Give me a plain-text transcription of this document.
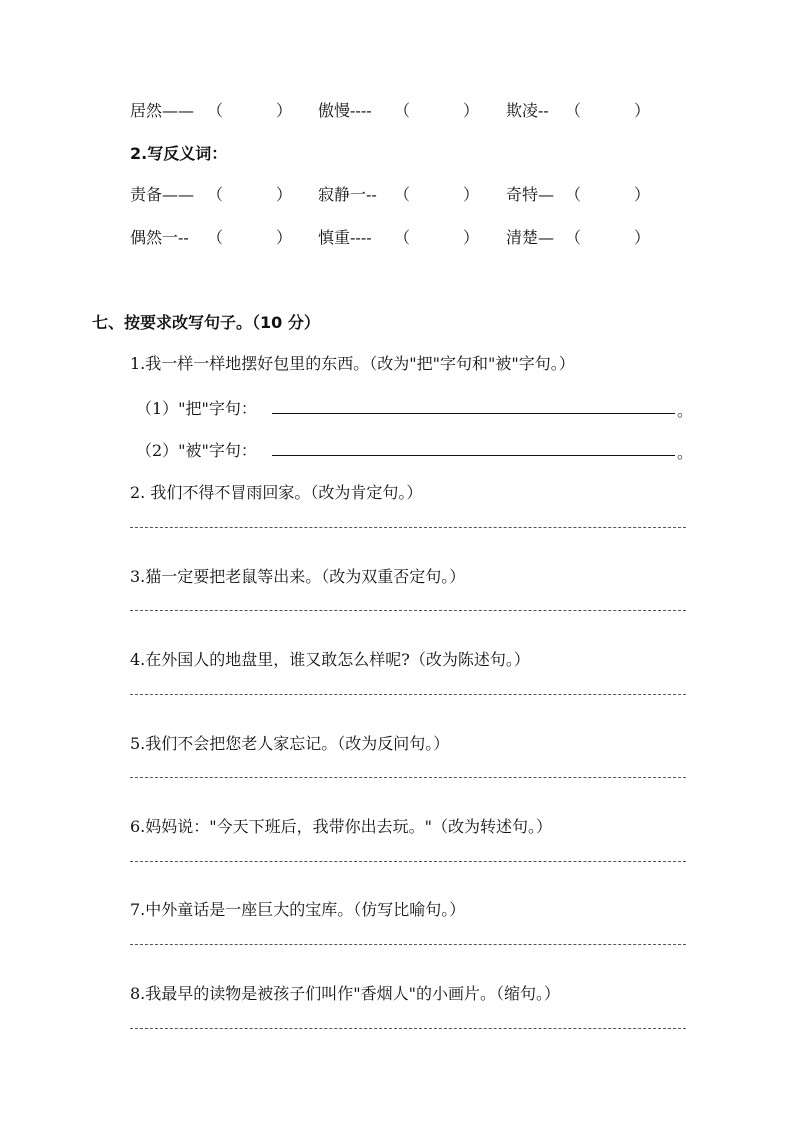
居然—— （	） 傲慢---- （	） 欺凌-- （	）
2.写反义词：
责备—— （	） 寂静一-- （	） 奇特— （	）
偶然一-- （	） 慎重---- （	） 清楚— （	）
七、按要求改写句子。（10 分）
1.我一样一样地摆好包里的东西。（改为"把"字句和"被"字句。）
（1）"把"字句：	。
（2）"被"字句：	。
2. 我们不得不冒雨回家。（改为肯定句。）
3.猫一定要把老鼠等出来。（改为双重否定句。）
4.在外国人的地盘里，谁又敢怎么样呢?（改为陈述句。）
5.我们不会把您老人家忘记。（改为反问句。）
6.妈妈说："今天下班后，我带你出去玩。"（改为转述句。）
7.中外童话是一座巨大的宝库。（仿写比喻句。）
8.我最早的读物是被孩子们叫作"香烟人"的小画片。（缩句。）
